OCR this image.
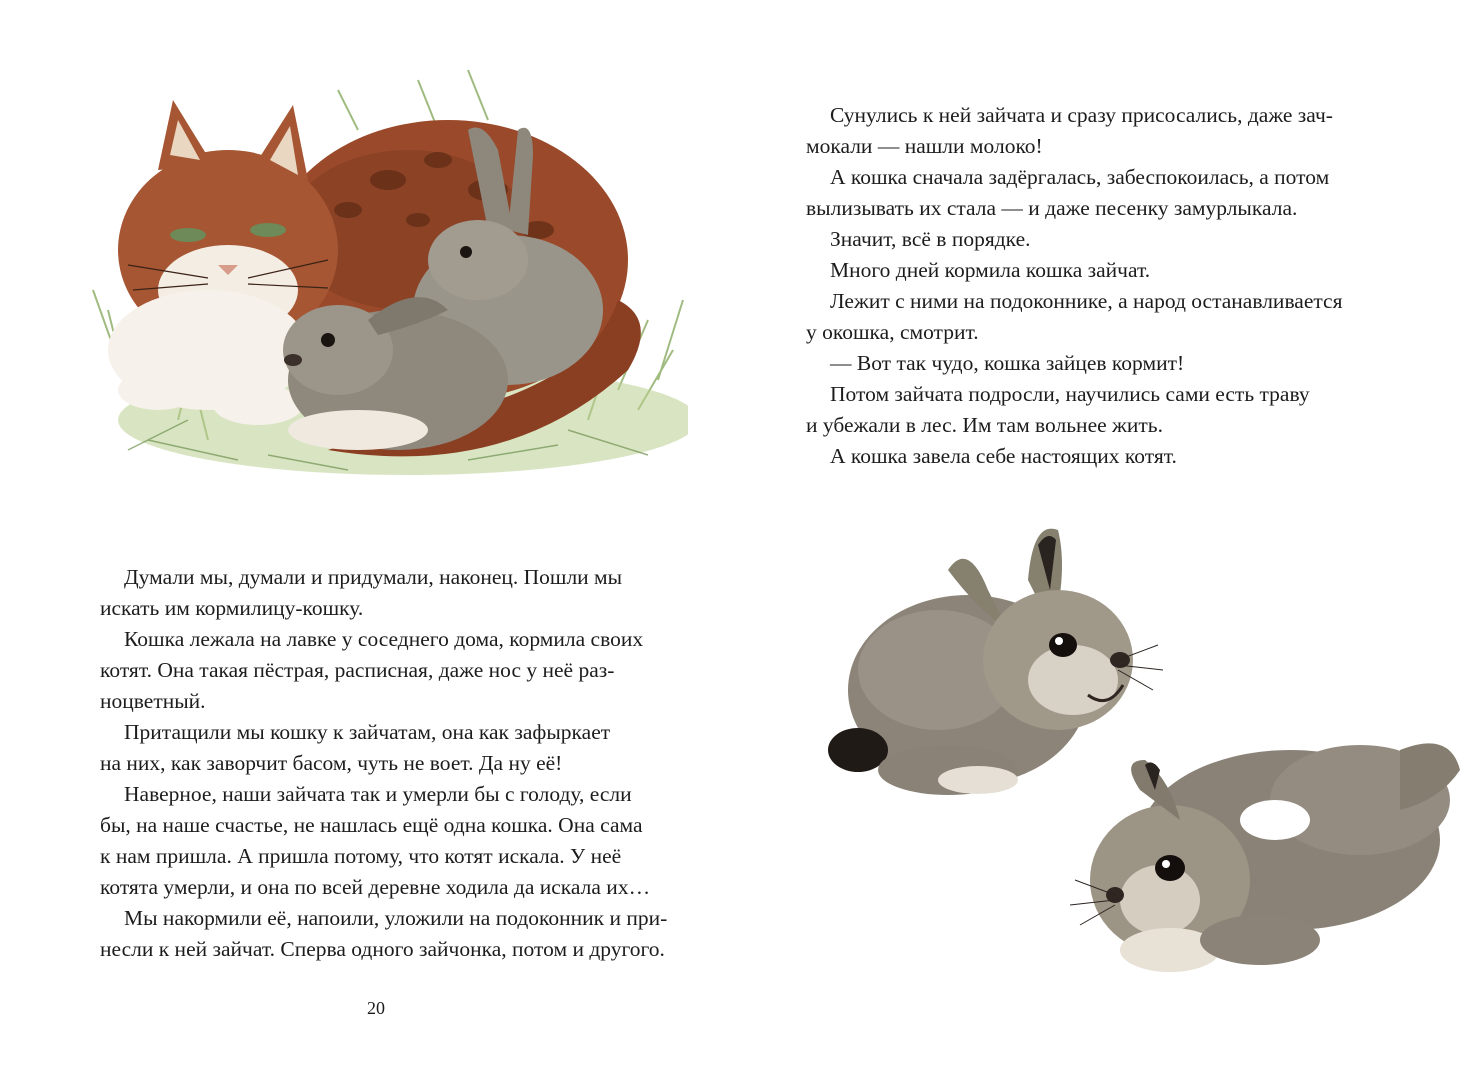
Думали мы, думали и придумали, наконец. Пошли мы
искать им кормилицу-кошку.

Кошка лежала на лавке у соседнего дома, кормила своих
котят. Она такая пёстрая, расписная, даже нос у неё раз-
ноцветный.

Притащили мы кошку к зайчатам, она как зафыркает
на них, как заворчит басом, чуть не воет. Да ну её!

Наверное, наши зайчата так и умерли бы с голоду, если
бы, на наше счастье, не нашлась ещё одна кошка. Она сама
к нам пришла. А пришла потому, что котят искала. У неё
котята умерли, и она по всей деревне ходила да искала их…

Мы накормили её, напоили, уложили на подоконник и при-
несли к ней зайчат. Сперва одного зайчонка, потом и другого.

20

Сунулись к ней зайчата и сразу присосались, даже зач-
мокали — нашли молоко!

А кошка сначала задёргалась, забеспокоилась, а потом
вылизывать их стала — и даже песенку замурлыкала.

Значит, всё в порядке.

Много дней кормила кошка зайчат.

Лежит с ними на подоконнике, а народ останавливается
у окошка, смотрит.

— Вот так чудо, кошка зайцев кормит!

Потом зайчата подросли, научились сами есть траву
и убежали в лес. Им там вольнее жить.

А кошка завела себе настоящих котят.
